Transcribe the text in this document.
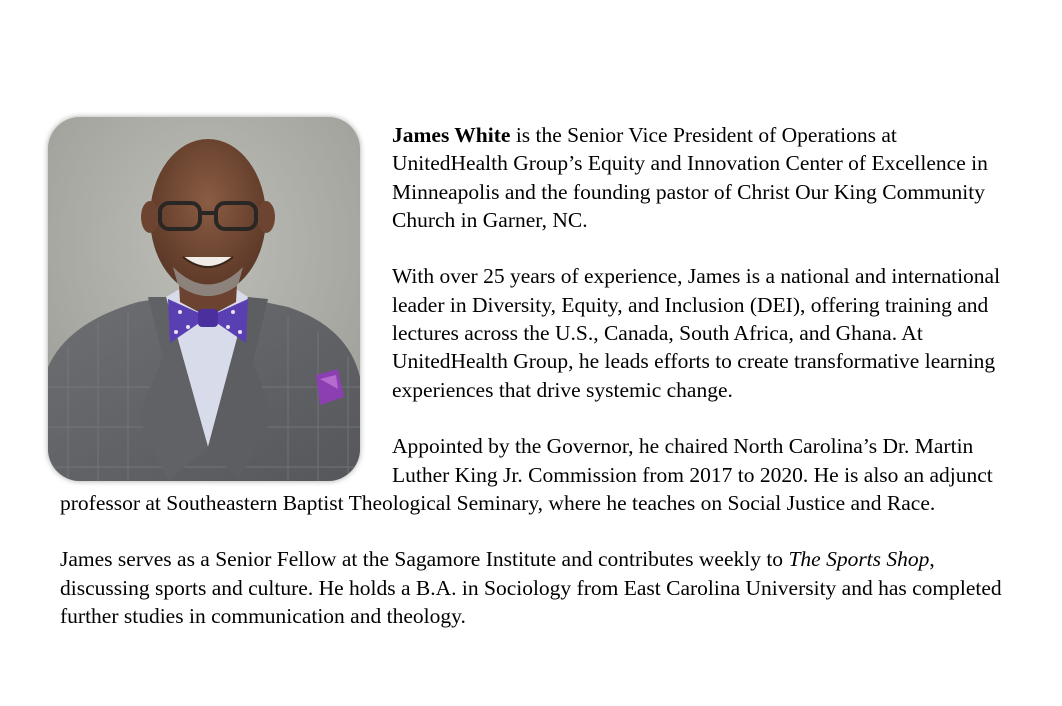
James White is the Senior Vice President of Operations at UnitedHealth Group’s Equity and Innovation Center of Excellence in Minneapolis and the founding pastor of Christ Our King Community Church in Garner, NC.

With over 25 years of experience, James is a national and international leader in Diversity, Equity, and Inclusion (DEI), offering training and lectures across the U.S., Canada, South Africa, and Ghana. At UnitedHealth Group, he leads efforts to create transformative learning experiences that drive systemic change.

Appointed by the Governor, he chaired North Carolina’s Dr. Martin Luther King Jr. Commission from 2017 to 2020. He is also an adjunct professor at Southeastern Baptist Theological Seminary, where he teaches on Social Justice and Race.

James serves as a Senior Fellow at the Sagamore Institute and contributes weekly to The Sports Shop, discussing sports and culture. He holds a B.A. in Sociology from East Carolina University and has completed further studies in communication and theology.
